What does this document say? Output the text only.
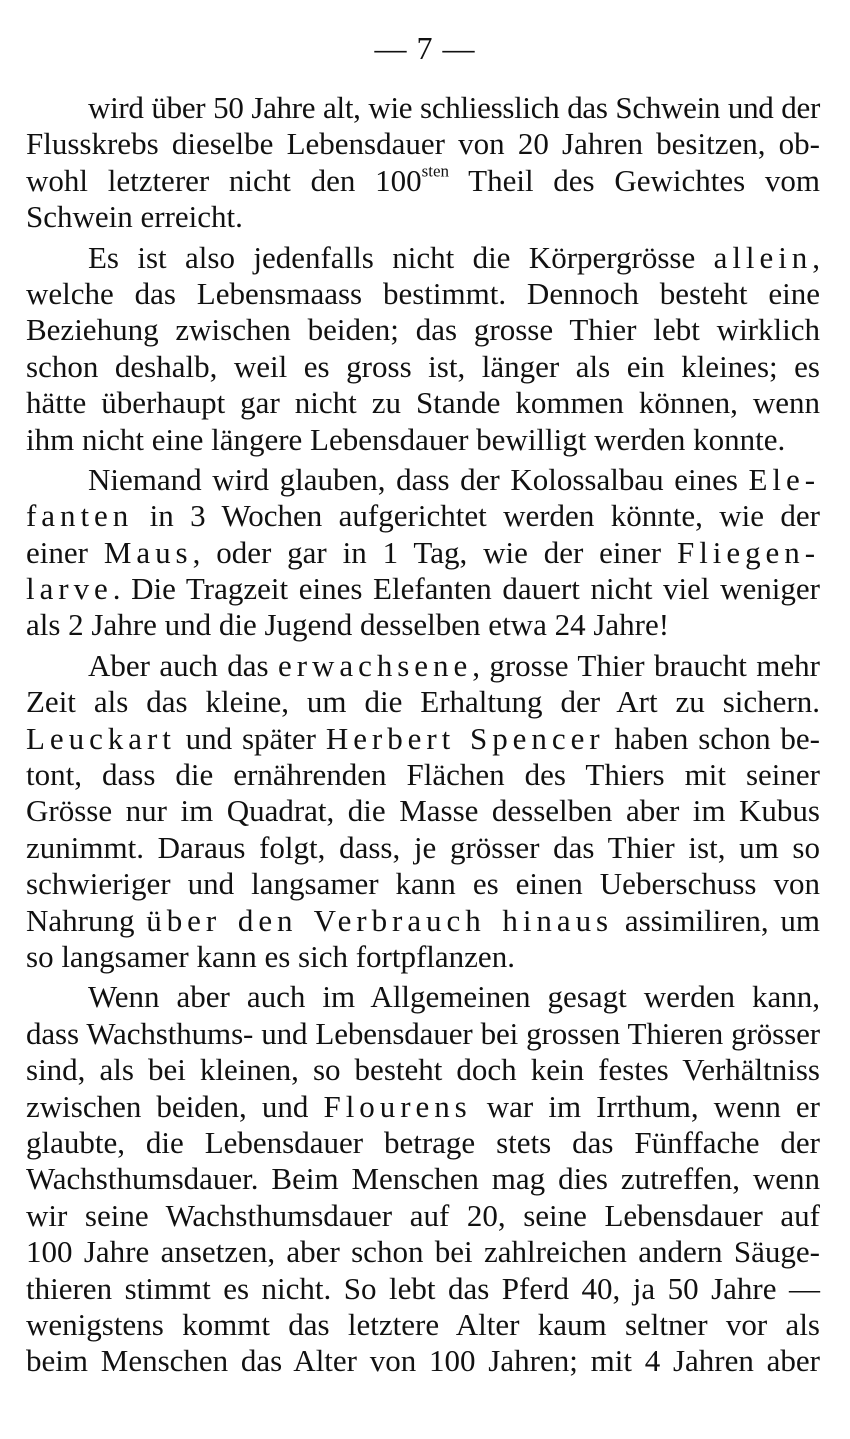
— 7 —
wird über 50 Jahre alt, wie schliesslich das Schwein und der
Flusskrebs dieselbe Lebensdauer von 20 Jahren besitzen, ob-
wohl letzterer nicht den $100^{sten}$ Theil des Gewichtes vom
Schwein erreicht.
Es ist also jedenfalls nicht die Körpergrösse allein,
welche das Lebensmaass bestimmt. Dennoch besteht eine
Beziehung zwischen beiden; das grosse Thier lebt wirklich
schon deshalb, weil es gross ist, länger als ein kleines; es
hätte überhaupt gar nicht zu Stande kommen können, wenn
ihm nicht eine längere Lebensdauer bewilligt werden konnte.
Niemand wird glauben, dass der Kolossalbau eines Ele-
fanten in 3 Wochen aufgerichtet werden könnte, wie der
einer Maus, oder gar in 1 Tag, wie der einer Fliegen-
larve. Die Tragzeit eines Elefanten dauert nicht viel weniger
als 2 Jahre und die Jugend desselben etwa 24 Jahre!
Aber auch das erwachsene, grosse Thier braucht mehr
Zeit als das kleine, um die Erhaltung der Art zu sichern.
Leuckart und später Herbert Spencer haben schon be-
tont, dass die ernährenden Flächen des Thiers mit seiner
Grösse nur im Quadrat, die Masse desselben aber im Kubus
zunimmt. Daraus folgt, dass, je grösser das Thier ist, um so
schwieriger und langsamer kann es einen Ueberschuss von
Nahrung über den Verbrauch hinaus assimiliren, um
so langsamer kann es sich fortpflanzen.
Wenn aber auch im Allgemeinen gesagt werden kann,
dass Wachsthums- und Lebensdauer bei grossen Thieren grösser
sind, als bei kleinen, so besteht doch kein festes Verhältniss
zwischen beiden, und Flourens war im Irrthum, wenn er
glaubte, die Lebensdauer betrage stets das Fünffache der
Wachsthumsdauer. Beim Menschen mag dies zutreffen, wenn
wir seine Wachsthumsdauer auf 20, seine Lebensdauer auf
100 Jahre ansetzen, aber schon bei zahlreichen andern Säuge-
thieren stimmt es nicht. So lebt das Pferd 40, ja 50 Jahre —
wenigstens kommt das letztere Alter kaum seltner vor als
beim Menschen das Alter von 100 Jahren; mit 4 Jahren aber
